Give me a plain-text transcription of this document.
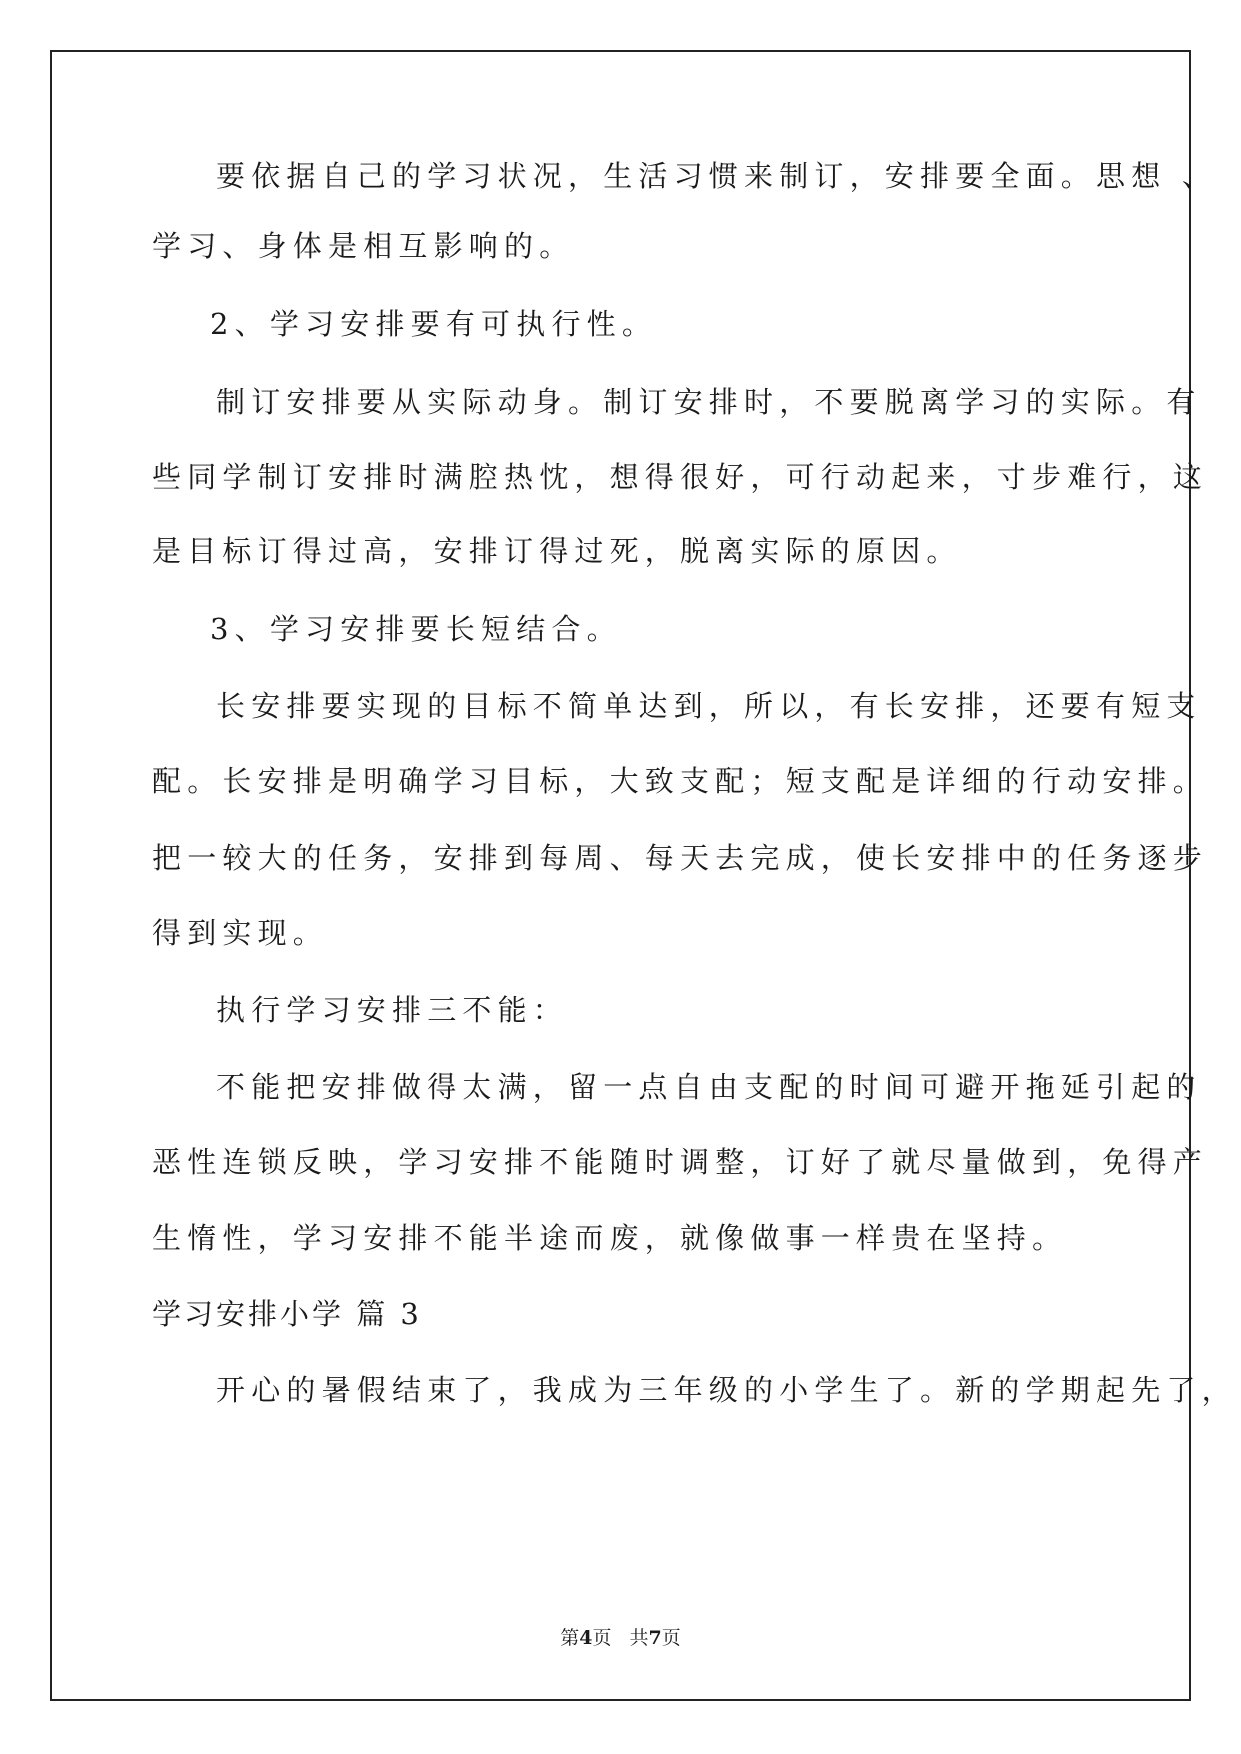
要依据自己的学习状况，生活习惯来制订，安排要全面。思想 、
学习、身体是相互影响的。
2、学习安排要有可执行性。
制订安排要从实际动身。制订安排时，不要脱离学习的实际。有
些同学制订安排时满腔热忱，想得很好，可行动起来，寸步难行，这
是目标订得过高，安排订得过死，脱离实际的原因。
3、学习安排要长短结合。
长安排要实现的目标不简单达到，所以，有长安排，还要有短支
配。长安排是明确学习目标，大致支配；短支配是详细的行动安排。
把一较大的任务，安排到每周、每天去完成，使长安排中的任务逐步
得到实现。
执行学习安排三不能：
不能把安排做得太满，留一点自由支配的时间可避开拖延引起的
恶性连锁反映，学习安排不能随时调整，订好了就尽量做到，免得产
生惰性，学习安排不能半途而废，就像做事一样贵在坚持。
学习安排小学 篇 3
开心的暑假结束了，我成为三年级的小学生了。新的学期起先了，
第4页 共7页
